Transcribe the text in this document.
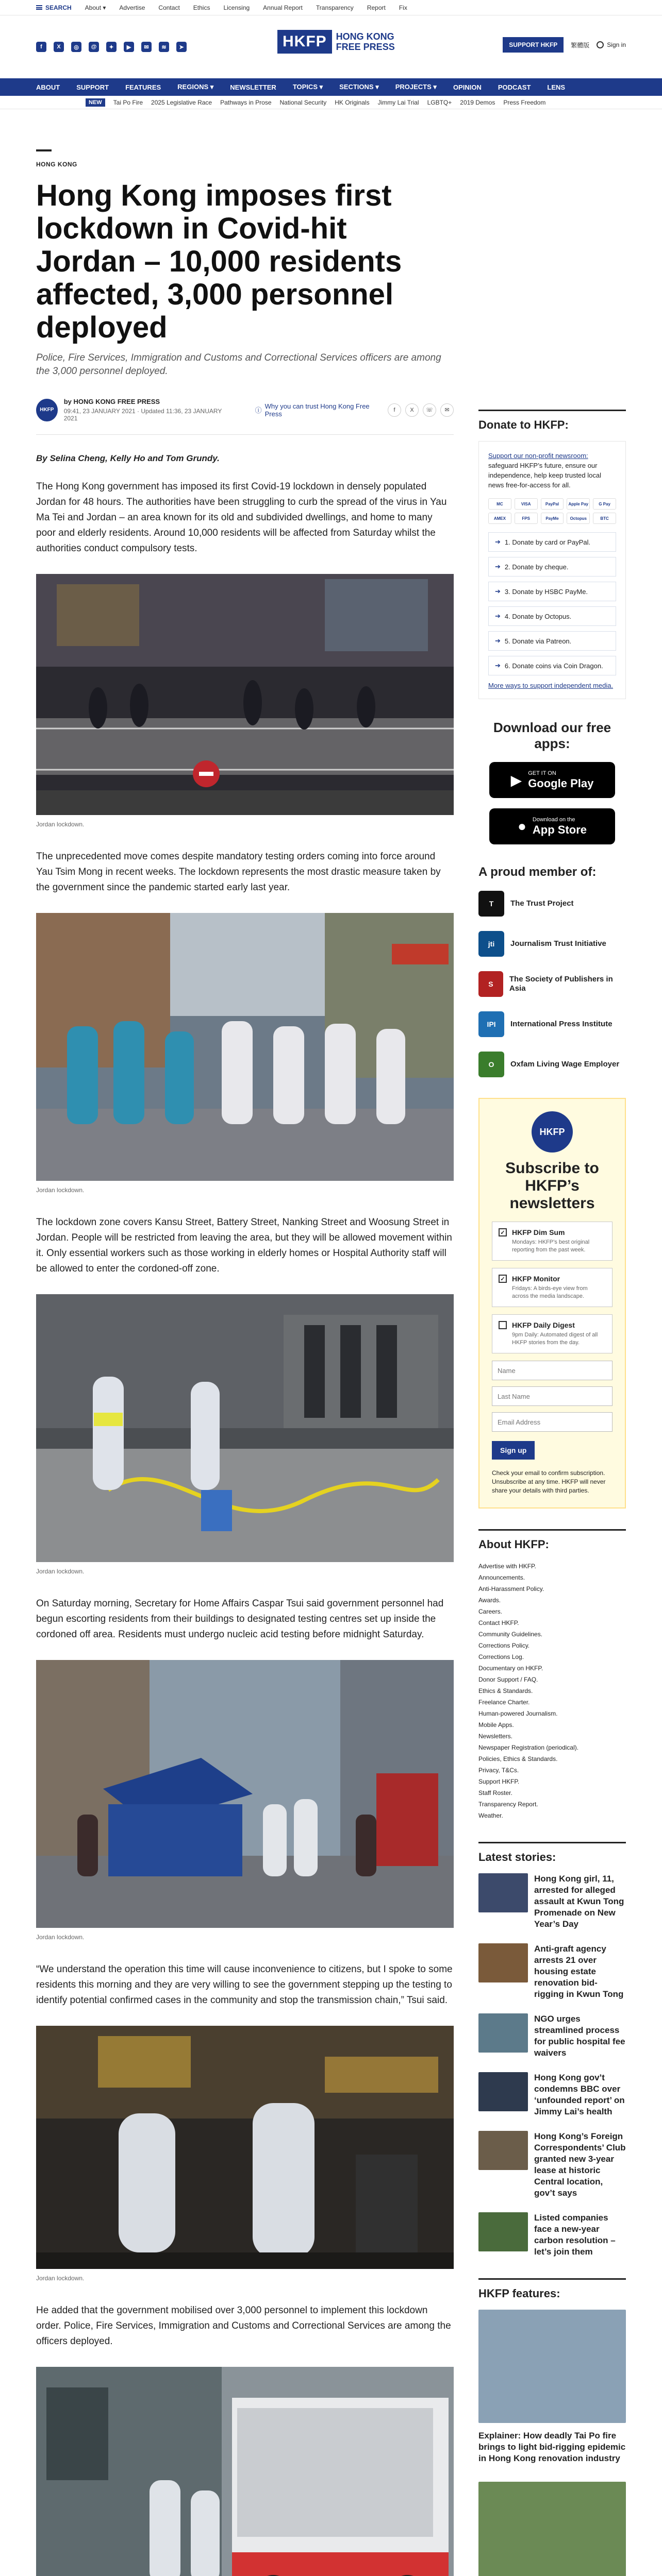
SEARCH About ▾ Advertise Contact Ethics Licensing Annual Report Transparency Report Fix
f	X	◎	@	✦	▶	✉	≋	➤	HKFP	HONG KONG
FREE PRESS	SUPPORT HKFP	繁體版	Sign in
ABOUT SUPPORT FEATURES REGIONS ▾ NEWSLETTER TOPICS ▾ SECTIONS ▾ PROJECTS ▾ OPINION PODCAST LENS
NEW	Tai Po Fire 2025 Legislative Race Pathways in Prose National Security HK Originals Jimmy Lai Trial LGBTQ+ 2019 Demos Press Freedom
HONG KONG
Hong Kong imposes first lockdown in Covid-hit Jordan – 10,000 residents affected, 3,000 personnel deployed

Police, Fire Services, Immigration and Customs and Correctional Services officers are among the 3,000 personnel deployed.

HKFP
by HONG KONG FREE PRESS
09:41, 23 JANUARY 2021 · Updated 11:36, 23 JANUARY 2021
ⓘ
Why you can trust Hong Kong Free Press	f	X	☏	✉

By Selina Cheng, Kelly Ho and Tom Grundy.

The Hong Kong government has imposed its first Covid-19 lockdown in densely populated Jordan for 48 hours. The authorities have been struggling to curb the spread of the virus in Yau Ma Tei and Jordan – an area known for its old and subdivided dwellings, and home to many poor and elderly residents. Around 10,000 residents will be affected from Saturday whilst the authorities conduct compulsory tests.

Jordan lockdown.

The unprecedented move comes despite mandatory testing orders coming into force around Yau Tsim Mong in recent weeks. The lockdown represents the most drastic measure taken by the government since the pandemic started early last year.

Jordan lockdown.

The lockdown zone covers Kansu Street, Battery Street, Nanking Street and Woosung Street in Jordan. People will be restricted from leaving the area, but they will be allowed movement within it. Only essential workers such as those working in elderly homes or Hospital Authority staff will be allowed to enter the cordoned-off zone.

Jordan lockdown.

On Saturday morning, Secretary for Home Affairs Caspar Tsui said government personnel had begun escorting residents from their buildings to designated testing centres set up inside the cordoned off area. Residents must undergo nucleic acid testing before midnight Saturday.

Jordan lockdown.

“We understand the operation this time will cause inconvenience to citizens, but I spoke to some residents this morning and they are very willing to see the government stepping up the testing to identify potential confirmed cases in the community and stop the transmission chain,” Tsui said.

Jordan lockdown.

He added that the government mobilised over 3,000 personnel to implement this lockdown order. Police, Fire Services, Immigration and Customs and Correctional Services are among the officers deployed.

Donate to HKFP:

Support our non-profit newsroom: safeguard HKFP’s future, ensure our independence, help keep trusted local news free-for-access for all.

MC	VISA	PayPal	Apple Pay	G Pay
AMEX	FPS	PayMe	Octopus	BTC
➔ 1. Donate by card or PayPal.
➔ 2. Donate by cheque.
➔ 3. Donate by HSBC PayMe.
➔ 4. Donate by Octopus.
➔ 5. Donate via Patreon.
➔ 6. Donate coins via Coin Dragon.
More ways to support independent media.
Download our free apps:
▶ GET IT ON
Google Play
● Download on the
App Store
A proud member of:
T	The Trust Project
jti	Journalism Trust Initiative
S
The Society of Publishers in Asia
IPI	International Press Institute
O	Oxfam Living Wage Employer
HKFP
Subscribe to HKFP’s newsletters
✓ HKFP Dim Sum
Mondays: HKFP’s best original reporting from the past week.
✓ HKFP Monitor
Fridays: A birds-eye view from across the media landscape.
HKFP Daily Digest
9pm Daily: Automated digest of all HKFP stories from the day.
Name Last Name Email Address
Sign up

Check your email to confirm subscription. Unsubscribe at any time. HKFP will never share your details with third parties.

About HKFP:
Advertise with HKFP.
Announcements.
Anti-Harassment Policy.
Awards.
Careers.
Contact HKFP.
Community Guidelines.
Corrections Policy.
Corrections Log.
Documentary on HKFP.
Donor Support / FAQ.
Ethics & Standards.
Freelance Charter.
Human-powered Journalism.
Mobile Apps.
Newsletters.
Newspaper Registration (periodical).
Policies, Ethics & Standards.
Privacy, T&Cs.
Support HKFP.
Staff Roster.
Transparency Report.
Weather.
Latest stories:
Hong Kong girl, 11, arrested for alleged assault at Kwun Tong Promenade on New Year’s Day
Anti-graft agency arrests 21 over housing estate renovation bid-rigging in Kwun Tong
NGO urges streamlined process for public hospital fee waivers
Hong Kong gov’t condemns BBC over ‘unfounded report’ on Jimmy Lai’s health
Hong Kong’s Foreign Correspondents’ Club granted new 3-year lease at historic Central location, gov’t says
Listed companies face a new-year carbon resolution – let’s join them
HKFP features:
Explainer: How deadly Tai Po fire brings to light bid-rigging epidemic in Hong Kong renovation industry
